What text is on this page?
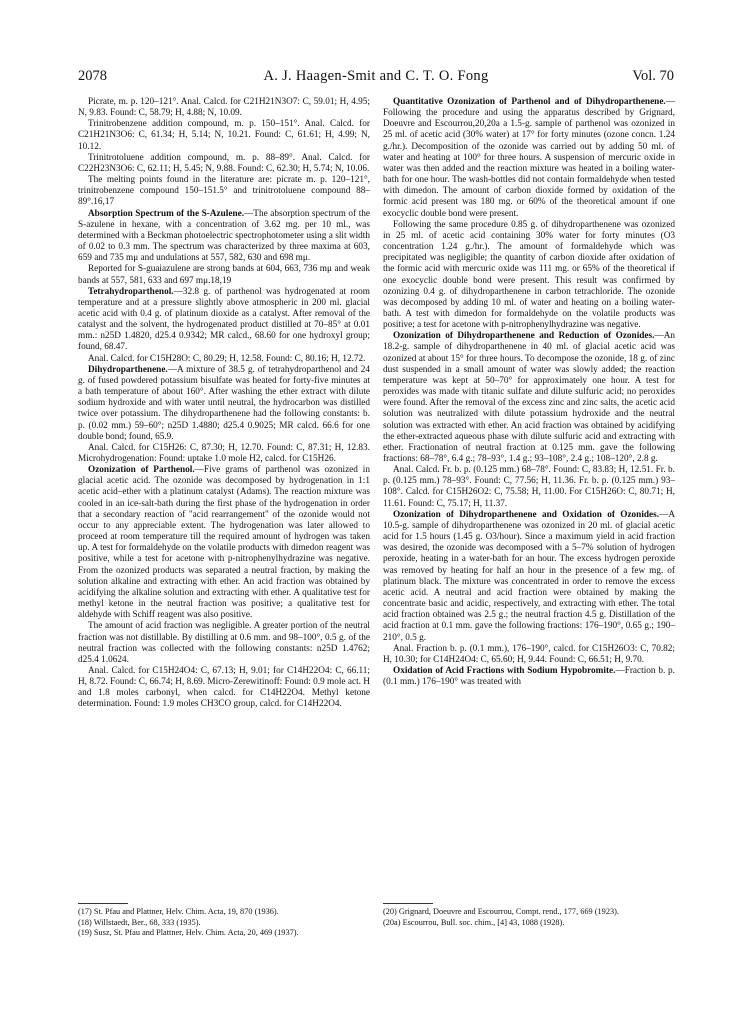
2078	A. J. Haagen-Smit and C. T. O. Fong	Vol. 70

Picrate, m. p. 120–121°. Anal. Calcd. for C21H21N3O7: C, 59.01; H, 4.95; N, 9.83. Found: C, 58.79; H, 4.88; N, 10.09.

Trinitrobenzene addition compound, m. p. 150–151°. Anal. Calcd. for C21H21N3O6: C, 61.34; H, 5.14; N, 10.21. Found: C, 61.61; H, 4.99; N, 10.12.

Trinitrotoluene addition compound, m. p. 88–89°. Anal. Calcd. for C22H23N3O6: C, 62.11; H, 5.45; N, 9.88. Found: C, 62.30; H, 5.74; N, 10.06.

The melting points found in the literature are: picrate m. p. 120–121°, trinitrobenzene compound 150–151.5° and trinitrotoluene compound 88–89°.16,17

Absorption Spectrum of the S-Azulene.—The absorption spectrum of the S-azulene in hexane, with a concentration of 3.62 mg. per 10 ml., was determined with a Beckman photoelectric spectrophotometer using a slit width of 0.02 to 0.3 mm. The spectrum was characterized by three maxima at 603, 659 and 735 mμ and undulations at 557, 582, 630 and 698 mμ.

Reported for S-guaiazulene are strong bands at 604, 663, 736 mμ and weak bands at 557, 581, 633 and 697 mμ.18,19

Tetrahydroparthenol.—32.8 g. of parthenol was hydrogenated at room temperature and at a pressure slightly above atmospheric in 200 ml. glacial acetic acid with 0.4 g. of platinum dioxide as a catalyst. After removal of the catalyst and the solvent, the hydrogenated product distilled at 70–85° at 0.01 mm.: n25D 1.4820, d25.4 0.9342; MR calcd., 68.60 for one hydroxyl group; found, 68.47.

Anal. Calcd. for C15H28O: C, 80.29; H, 12.58. Found: C, 80.16; H, 12.72.

Dihydroparthenene.—A mixture of 38.5 g. of tetrahydroparthenol and 24 g. of fused powdered potassium bisulfate was heated for forty-five minutes at a bath temperature of about 160°. After washing the ether extract with dilute sodium hydroxide and with water until neutral, the hydrocarbon was distilled twice over potassium. The dihydroparthenene had the following constants: b. p. (0.02 mm.) 59–60°; n25D 1.4880; d25.4 0.9025; MR calcd. 66.6 for one double bond; found, 65.9.

Anal. Calcd. for C15H26: C, 87.30; H, 12.70. Found: C, 87.31; H, 12.83. Microhydrogenation: Found: uptake 1.0 mole H2, calcd. for C15H26.

Ozonization of Parthenol.—Five grams of parthenol was ozonized in glacial acetic acid. The ozonide was decomposed by hydrogenation in 1:1 acetic acid–ether with a platinum catalyst (Adams). The reaction mixture was cooled in an ice-salt-bath during the first phase of the hydrogenation in order that a secondary reaction of "acid rearrangement" of the ozonide would not occur to any appreciable extent. The hydrogenation was later allowed to proceed at room temperature till the required amount of hydrogen was taken up. A test for formaldehyde on the volatile products with dimedon reagent was positive, while a test for acetone with p-nitrophenylhydrazine was negative. From the ozonized products was separated a neutral fraction, by making the solution alkaline and extracting with ether. An acid fraction was obtained by acidifying the alkaline solution and extracting with ether. A qualitative test for methyl ketone in the neutral fraction was positive; a qualitative test for aldehyde with Schiff reagent was also positive.

The amount of acid fraction was negligible. A greater portion of the neutral fraction was not distillable. By distilling at 0.6 mm. and 98–100°, 0.5 g. of the neutral fraction was collected with the following constants: n25D 1.4762; d25.4 1.0624.

Anal. Calcd. for C15H24O4: C, 67.13; H, 9.01; for C14H22O4: C, 66.11; H, 8.72. Found: C, 66.74; H, 8.69. Micro-Zerewitinoff: Found: 0.9 mole act. H and 1.8 moles carbonyl, when calcd. for C14H22O4. Methyl ketone determination. Found: 1.9 moles CH3CO group, calcd. for C14H22O4.

Quantitative Ozonization of Parthenol and of Dihydroparthenene.—Following the procedure and using the apparatus described by Grignard, Doeuvre and Escourrou,20,20a a 1.5-g. sample of parthenol was ozonized in 25 ml. of acetic acid (30% water) at 17° for forty minutes (ozone concn. 1.24 g./hr.). Decomposition of the ozonide was carried out by adding 50 ml. of water and heating at 100° for three hours. A suspension of mercuric oxide in water was then added and the reaction mixture was heated in a boiling water-bath for one hour. The wash-bottles did not contain formaldehyde when tested with dimedon. The amount of carbon dioxide formed by oxidation of the formic acid present was 180 mg. or 60% of the theoretical amount if one exocyclic double bond were present.

Following the same procedure 0.85 g. of dihydroparthenene was ozonized in 25 ml. of acetic acid containing 30% water for forty minutes (O3 concentration 1.24 g./hr.). The amount of formaldehyde which was precipitated was negligible; the quantity of carbon dioxide after oxidation of the formic acid with mercuric oxide was 111 mg. or 65% of the theoretical if one exocyclic double bond were present. This result was confirmed by ozonizing 0.4 g. of dihydroparthenene in carbon tetrachloride. The ozonide was decomposed by adding 10 ml. of water and heating on a boiling water-bath. A test with dimedon for formaldehyde on the volatile products was positive; a test for acetone with p-nitrophenylhydrazine was negative.

Ozonization of Dihydroparthenene and Reduction of Ozonides.—An 18.2-g. sample of dihydroparthenene in 40 ml. of glacial acetic acid was ozonized at about 15° for three hours. To decompose the ozonide, 18 g. of zinc dust suspended in a small amount of water was slowly added; the reaction temperature was kept at 50–70° for approximately one hour. A test for peroxides was made with titanic sulfate and dilute sulfuric acid; no peroxides were found. After the removal of the excess zinc and zinc salts, the acetic acid solution was neutralized with dilute potassium hydroxide and the neutral solution was extracted with ether. An acid fraction was obtained by acidifying the ether-extracted aqueous phase with dilute sulfuric acid and extracting with ether. Fractionation of neutral fraction at 0.125 mm. gave the following fractions: 68–78°, 6.4 g.; 78–93°, 1.4 g.; 93–108°, 2.4 g.; 108–120°, 2.8 g.

Anal. Calcd. Fr. b. p. (0.125 mm.) 68–78°. Found: C, 83.83; H, 12.51. Fr. b. p. (0.125 mm.) 78–93°. Found: C, 77.56; H, 11.36. Fr. b. p. (0.125 mm.) 93–108°. Calcd. for C15H26O2: C, 75.58; H, 11.00. For C15H26O: C, 80.71; H, 11.61. Found: C, 75.17; H, 11.37.

Ozonization of Dihydroparthenene and Oxidation of Ozonides.—A 10.5-g. sample of dihydroparthenene was ozonized in 20 ml. of glacial acetic acid for 1.5 hours (1.45 g. O3/hour). Since a maximum yield in acid fraction was desired, the ozonide was decomposed with a 5–7% solution of hydrogen peroxide, heating in a water-bath for an hour. The excess hydrogen peroxide was removed by heating for half an hour in the presence of a few mg. of platinum black. The mixture was concentrated in order to remove the excess acetic acid. A neutral and acid fraction were obtained by making the concentrate basic and acidic, respectively, and extracting with ether. The total acid fraction obtained was 2.5 g.; the neutral fraction 4.5 g. Distillation of the acid fraction at 0.1 mm. gave the following fractions: 176–190°, 0.65 g.; 190–210°, 0.5 g.

Anal. Fraction b. p. (0.1 mm.), 176–190°, calcd. for C15H26O3: C, 70.82; H, 10.30; for C14H24O4: C, 65.60; H, 9.44. Found: C, 66.51; H, 9.70.

Oxidation of Acid Fractions with Sodium Hypobromite.—Fraction b. p. (0.1 mm.) 176–190° was treated with

(17) St. Pfau and Plattner, Helv. Chim. Acta, 19, 870 (1936).
(18) Willstaedt, Ber., 68, 333 (1935).
(19) Susz, St. Pfau and Plattner, Helv. Chim. Acta, 20, 469 (1937).
(20) Grignard, Doeuvre and Escourrou, Compt. rend., 177, 669 (1923).
(20a) Escourrou, Bull. soc. chim., [4] 43, 1088 (1928).
